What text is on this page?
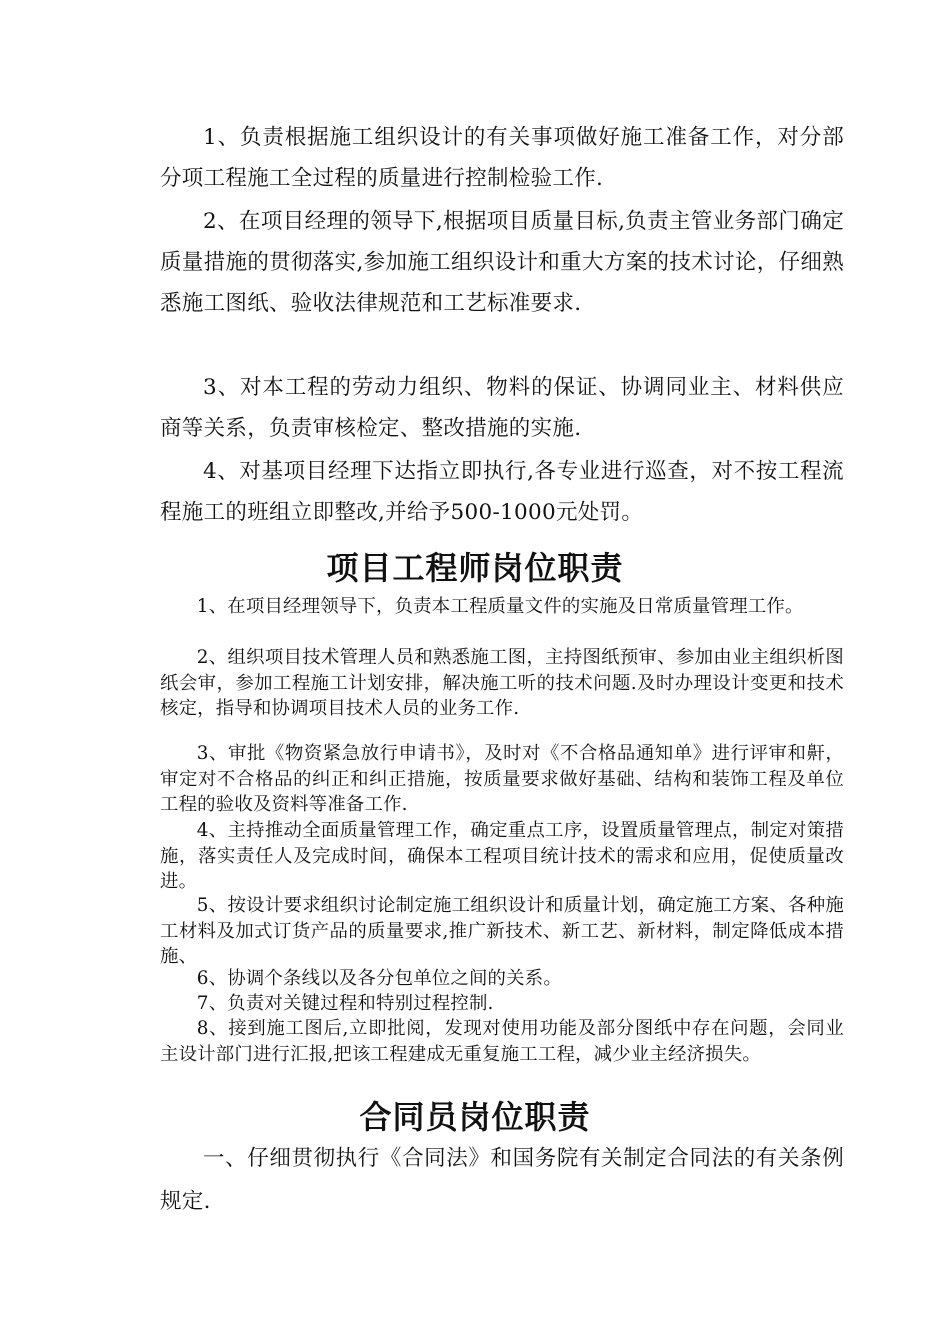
1、负责根据施工组织设计的有关事项做好施工准备工作，对分部分项工程施工全过程的质量进行控制检验工作.

2、在项目经理的领导下,根据项目质量目标,负责主管业务部门确定质量措施的贯彻落实,参加施工组织设计和重大方案的技术讨论，仔细熟悉施工图纸、验收法律规范和工艺标准要求.

3、对本工程的劳动力组织、物料的保证、协调同业主、材料供应商等关系，负责审核检定、整改措施的实施.

4、对基项目经理下达指立即执行,各专业进行巡查，对不按工程流程施工的班组立即整改,并给予500-1000元处罚。

项目工程师岗位职责

1、在项目经理领导下，负责本工程质量文件的实施及日常质量管理工作。

2、组织项目技术管理人员和熟悉施工图，主持图纸预审、参加由业主组织析图纸会审，参加工程施工计划安排，解决施工听的技术问题.及时办理设计变更和技术核定，指导和协调项目技术人员的业务工作.

3、审批《物资紧急放行申请书》，及时对《不合格品通知单》进行评审和鼾，审定对不合格品的纠正和纠正措施，按质量要求做好基础、结构和装饰工程及单位工程的验收及资料等准备工作.

4、主持推动全面质量管理工作，确定重点工序，设置质量管理点，制定对策措施，落实责任人及完成时间，确保本工程项目统计技术的需求和应用，促使质量改进。

5、按设计要求组织讨论制定施工组织设计和质量计划，确定施工方案、各种施工材料及加式订货产品的质量要求,推广新技术、新工艺、新材料，制定降低成本措施、

6、协调个条线以及各分包单位之间的关系。

7、负责对关键过程和特别过程控制.

8、接到施工图后,立即批阅，发现对使用功能及部分图纸中存在问题，会同业主设计部门进行汇报,把该工程建成无重复施工工程，减少业主经济损失。

合同员岗位职责

一、仔细贯彻执行《合同法》和国务院有关制定合同法的有关条例规定.
